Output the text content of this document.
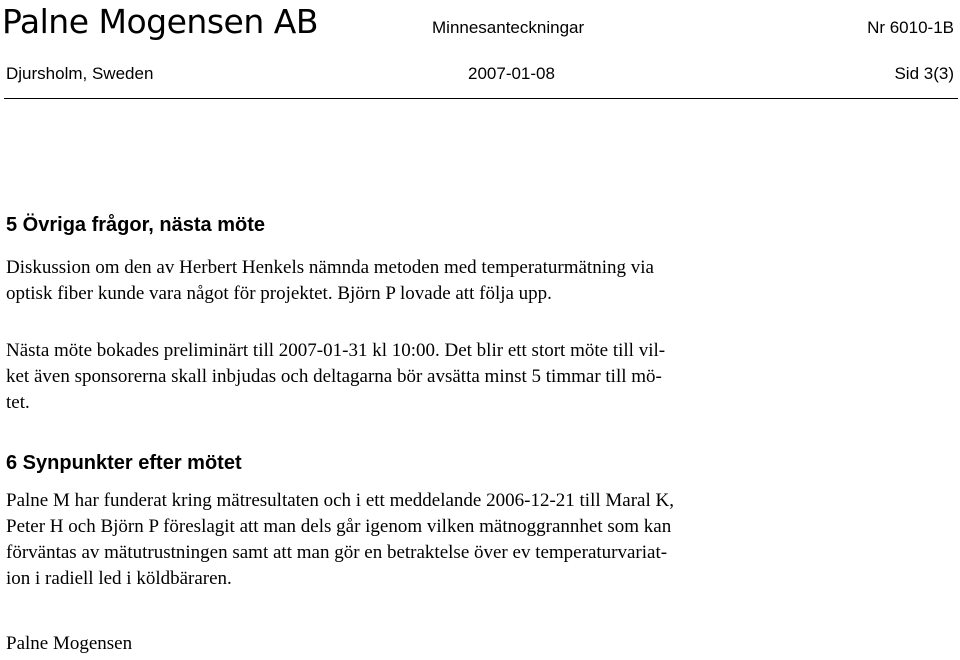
Palne Mogensen AB	Minnesanteckningar	Nr 6010-1B
Djursholm, Sweden	2007-01-08	Sid 3(3)
5 Övriga frågor, nästa möte
Diskussion om den av Herbert Henkels nämnda metoden med temperaturmätning via
optisk fiber kunde vara något för projektet. Björn P lovade att följa upp.
Nästa möte bokades preliminärt till 2007-01-31 kl 10:00. Det blir ett stort möte till vil-
ket även sponsorerna skall inbjudas och deltagarna bör avsätta minst 5 timmar till mö-
tet.
6 Synpunkter efter mötet
Palne M har funderat kring mätresultaten och i ett meddelande 2006-12-21 till Maral K,
Peter H och Björn P föreslagit att man dels går igenom vilken mätnoggrannhet som kan
förväntas av mätutrustningen samt att man gör en betraktelse över ev temperaturvariat-
ion i radiell led i köldbäraren.
Palne Mogensen
